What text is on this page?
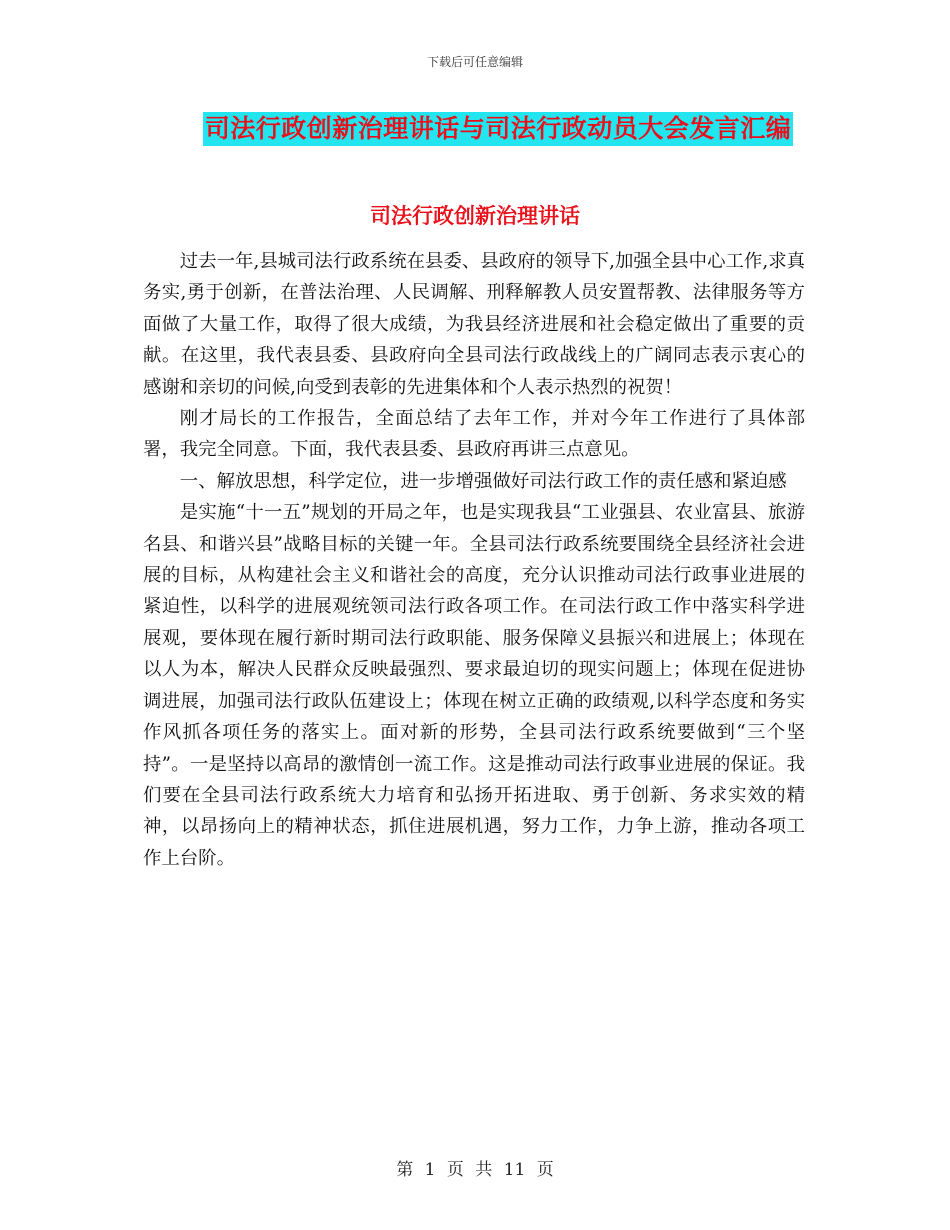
下载后可任意编辑
司法行政创新治理讲话与司法行政动员大会发言汇编
司法行政创新治理讲话

过去一年,县城司法行政系统在县委、县政府的领导下,加强全县中心工作,求真务实,勇于创新，在普法治理、人民调解、刑释解教人员安置帮教、法律服务等方面做了大量工作，取得了很大成绩，为我县经济进展和社会稳定做出了重要的贡献。在这里，我代表县委、县政府向全县司法行政战线上的广阔同志表示衷心的感谢和亲切的问候,向受到表彰的先进集体和个人表示热烈的祝贺！

刚才局长的工作报告，全面总结了去年工作，并对今年工作进行了具体部署，我完全同意。下面，我代表县委、县政府再讲三点意见。

一、解放思想，科学定位，进一步增强做好司法行政工作的责任感和紧迫感

是实施“十一五”规划的开局之年，也是实现我县“工业强县、农业富县、旅游名县、和谐兴县”战略目标的关键一年。全县司法行政系统要围绕全县经济社会进展的目标，从构建社会主义和谐社会的高度，充分认识推动司法行政事业进展的紧迫性，以科学的进展观统领司法行政各项工作。在司法行政工作中落实科学进展观，要体现在履行新时期司法行政职能、服务保障义县振兴和进展上；体现在以人为本，解决人民群众反映最强烈、要求最迫切的现实问题上；体现在促进协调进展，加强司法行政队伍建设上；体现在树立正确的政绩观,以科学态度和务实作风抓各项任务的落实上。面对新的形势，全县司法行政系统要做到“三个坚持”。一是坚持以高昂的激情创一流工作。这是推动司法行政事业进展的保证。我们要在全县司法行政系统大力培育和弘扬开拓进取、勇于创新、务求实效的精神，以昂扬向上的精神状态，抓住进展机遇，努力工作，力争上游，推动各项工作上台阶。

第 1 页 共 11 页
